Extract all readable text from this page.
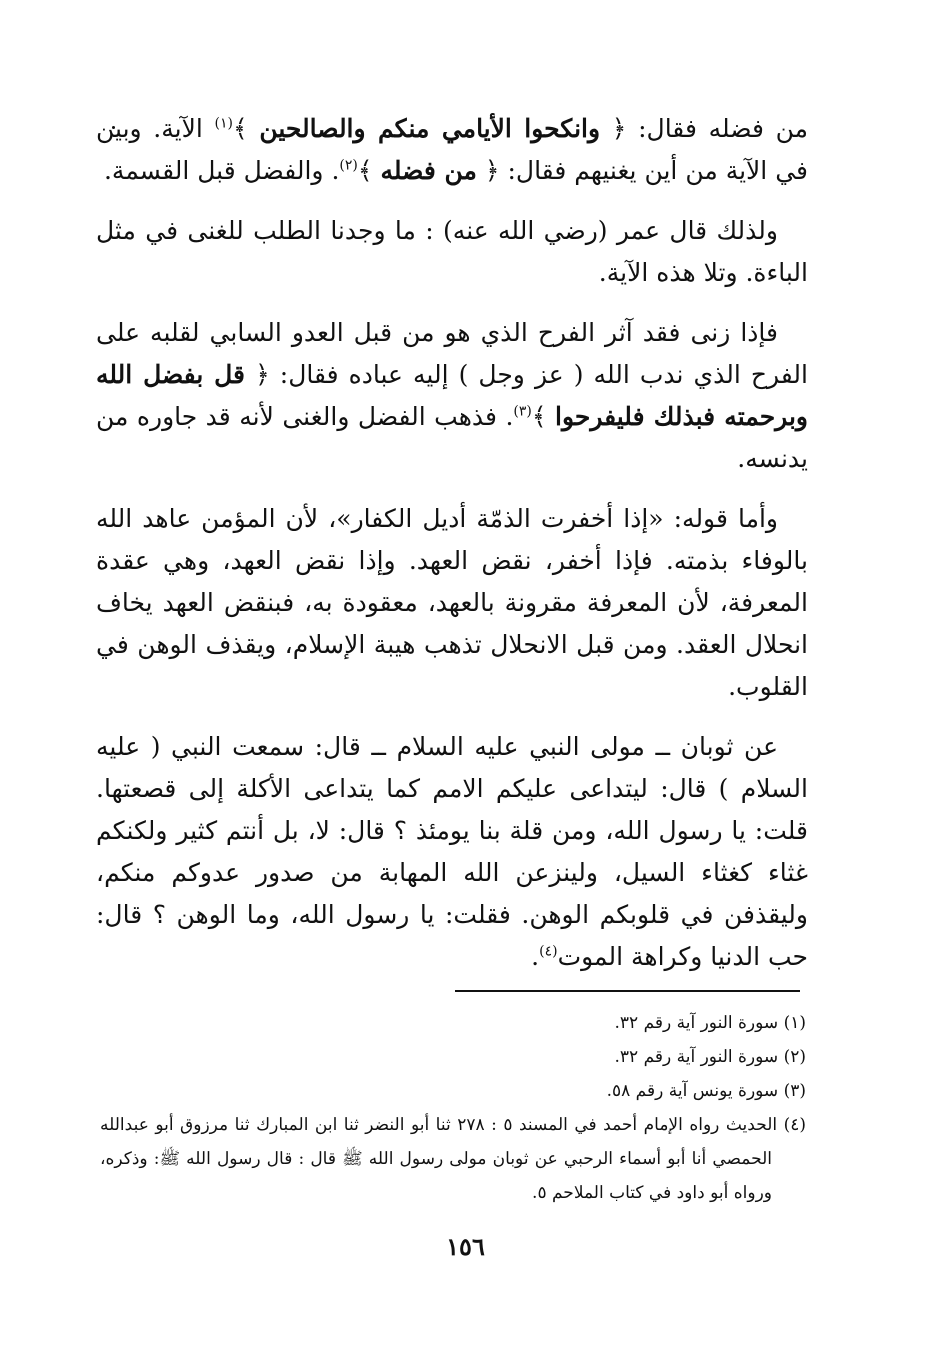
من فضله فقال: ﴿ وانكحوا الأيامي منكم والصالحين ﴾$^{(١)}$ الآية. وبين في الآية من أين يغنيهم فقال: ﴿ من فضله ﴾$^{(٢)}$. والفضل قبل القسمة.

ولذلك قال عمر (رضي الله عنه) : ما وجدنا الطلب للغنى في مثل الباءة. وتلا هذه الآية.

فإذا زنى فقد آثر الفرح الذي هو من قبل العدو السابي لقلبه على الفرح الذي ندب الله ( عز وجل ) إليه عباده فقال: ﴿ قل بفضل الله وبرحمته فبذلك فليفرحوا ﴾$^{(٣)}$. فذهب الفضل والغنى لأنه قد جاوره من يدنسه.

وأما قوله: «إذا أخفرت الذمّة أديل الكفار»، لأن المؤمن عاهد الله بالوفاء بذمته. فإذا أخفر، نقض العهد. وإذا نقض العهد، وهي عقدة المعرفة، لأن المعرفة مقرونة بالعهد، معقودة به، فبنقض العهد يخاف انحلال العقد. ومن قبل الانحلال تذهب هيبة الإسلام، ويقذف الوهن في القلوب.

عن ثوبان ــ مولى النبي عليه السلام ــ قال: سمعت النبي ( عليه السلام ) قال: ليتداعى عليكم الامم كما يتداعى الأكلة إلى قصعتها. قلت: يا رسول الله، ومن قلة بنا يومئذ ؟ قال: لا، بل أنتم كثير ولكنكم غثاء كغثاء السيل، ولينزعن الله المهابة من صدور عدوكم منكم، وليقذفن في قلوبكم الوهن. فقلت: يا رسول الله، وما الوهن ؟ قال: حب الدنيا وكراهة الموت$^{(٤)}$.

(١) سورة النور آية رقم ٣٢.

(٢) سورة النور آية رقم ٣٢.

(٣) سورة يونس آية رقم ٥٨.

(٤) الحديث رواه الإمام أحمد في المسند ٥ : ٢٧٨ ثنا أبو النضر ثنا ابن المبارك ثنا مرزوق أبو عبدالله الحمصي أنا أبو أسماء الرحبي عن ثوبان مولى رسول الله ﷺ قال : قال رسول الله ﷺ: وذكره، ورواه أبو داود في كتاب الملاحم ٥.

١٥٦
